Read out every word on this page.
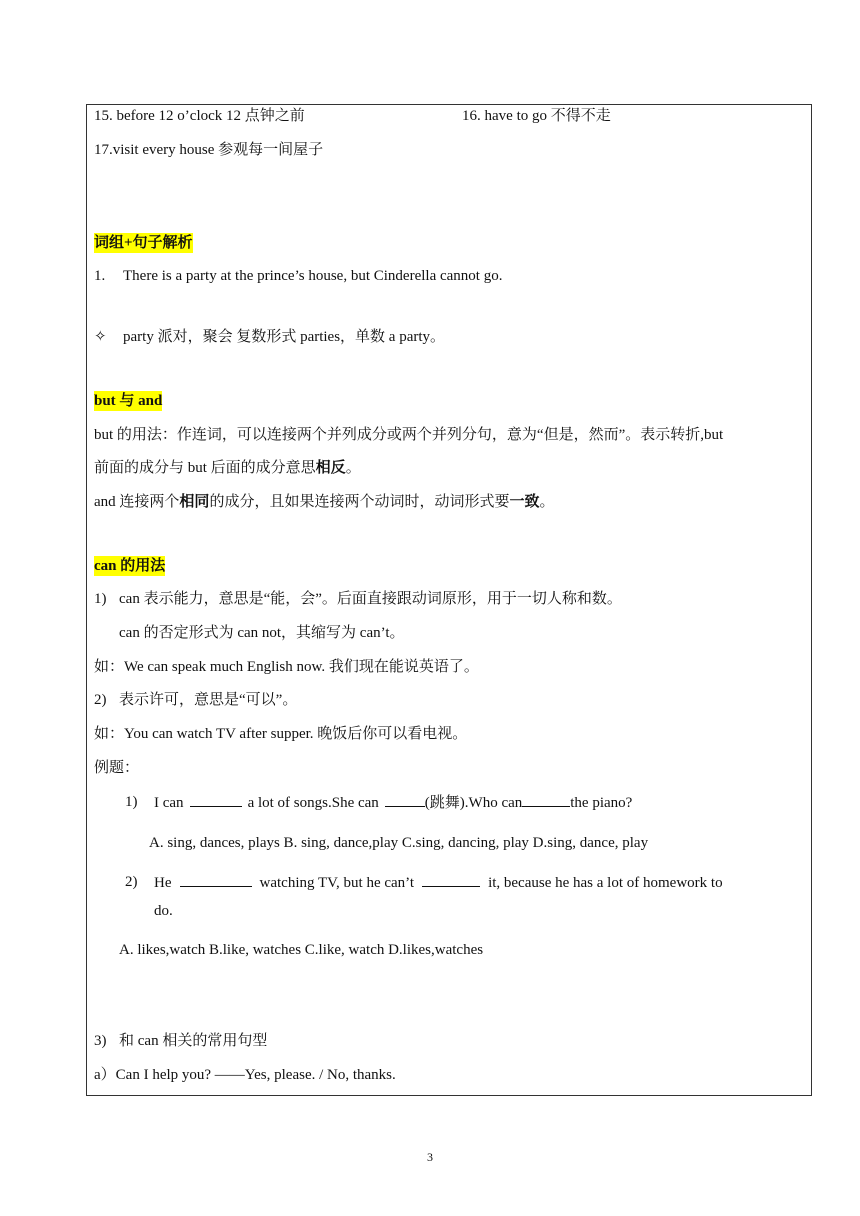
15. before 12 o’clock 12 点钟之前	16. have to go 不得不走
17.visit every house 参观每一间屋子
词组+句子解析
1. There is a party at the prince’s house, but Cinderella cannot go.
✧ party 派对，聚会 复数形式 parties，单数 a party。
but 与 and
but 的用法：作连词，可以连接两个并列成分或两个并列分句，意为“但是，然而”。表示转折,but
前面的成分与 but 后面的成分意思相反。
and 连接两个相同的成分，且如果连接两个动词时，动词形式要一致。
can 的用法
1) can 表示能力，意思是“能，会”。后面直接跟动词原形，用于一切人称和数。
can 的否定形式为 can not，其缩写为 can’t。
如：We can speak much English now. 我们现在能说英语了。
2) 表示许可，意思是“可以”。
如：You can watch TV after supper. 晚饭后你可以看电视。
例题：
1) I can	a lot of songs.She can	(跳舞).Who can	the piano?
A. sing, dances, plays B. sing, dance,play C.sing, dancing, play D.sing, dance, play
2) He	watching TV, but he can’t	it, because he has a lot of homework to
do.
A. likes,watch B.like, watches C.like, watch D.likes,watches
3) 和 can 相关的常用句型
a）Can I help you? ——Yes, please. / No, thanks.
3
